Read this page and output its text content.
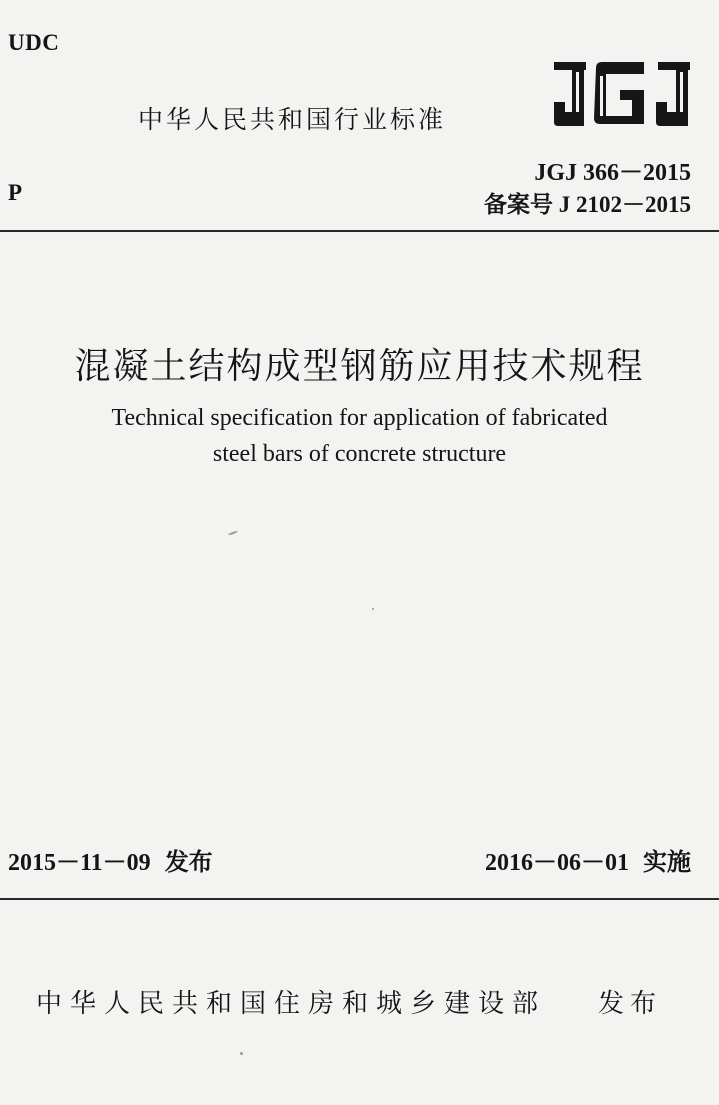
UDC
P
中华人民共和国行业标准
JGJ 366－2015
备案号 J 2102－2015
混凝土结构成型钢筋应用技术规程
Technical specification for application of fabricated
steel bars of concrete structure
2015－11－09 发布	2016－06－01 实施
中华人民共和国住房和城乡建设部 发布
